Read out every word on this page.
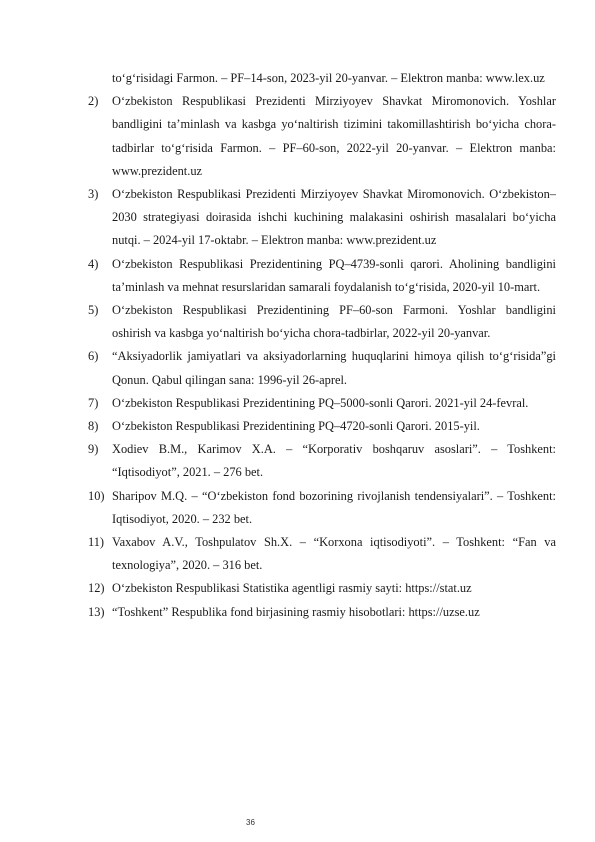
to‘g‘risidagi Farmon. – PF–14-son, 2023-yil 20-yanvar. – Elektron manba: www.lex.uz
2)	O‘zbekiston Respublikasi Prezidenti Mirziyoyev Shavkat Miromonovich. Yoshlar bandligini ta’minlash va kasbga yo‘naltirish tizimini takomillashtirish bo‘yicha chora-tadbirlar to‘g‘risida Farmon. – PF–60-son, 2022-yil 20-yanvar. – Elektron manba: www.prezident.uz
3)	O‘zbekiston Respublikasi Prezidenti Mirziyoyev Shavkat Miromonovich. O‘zbekiston–2030 strategiyasi doirasida ishchi kuchining malakasini oshirish masalalari bo‘yicha nutqi. – 2024-yil 17-oktabr. – Elektron manba: www.prezident.uz
4)	O‘zbekiston Respublikasi Prezidentining PQ–4739-sonli qarori. Aholining bandligini ta’minlash va mehnat resurslaridan samarali foydalanish to‘g‘risida, 2020-yil 10-mart.
5)	O‘zbekiston Respublikasi Prezidentining PF–60-son Farmoni. Yoshlar bandligini oshirish va kasbga yo‘naltirish bo‘yicha chora-tadbirlar, 2022-yil 20-yanvar.
6)	“Aksiyadorlik jamiyatlari va aksiyadorlarning huquqlarini himoya qilish to‘g‘risida”gi Qonun. Qabul qilingan sana: 1996-yil 26-aprel.
7)	O‘zbekiston Respublikasi Prezidentining PQ–5000-sonli Qarori. 2021-yil 24-fevral.
8)	O‘zbekiston Respublikasi Prezidentining PQ–4720-sonli Qarori. 2015-yil.
9)	Xodiev B.M., Karimov X.A. – “Korporativ boshqaruv asoslari”. – Toshkent: “Iqtisodiyot”, 2021. – 276 bet.
10) Sharipov M.Q. – “O‘zbekiston fond bozorining rivojlanish tendensiyalari”. – Toshkent: Iqtisodiyot, 2020. – 232 bet.
11) Vaxabov A.V., Toshpulatov Sh.X. – “Korxona iqtisodiyoti”. – Toshkent: “Fan va texnologiya”, 2020. – 316 bet.
12) O‘zbekiston Respublikasi Statistika agentligi rasmiy sayti: https://stat.uz
13) “Toshkent” Respublika fond birjasining rasmiy hisobotlari: https://uzse.uz
36
